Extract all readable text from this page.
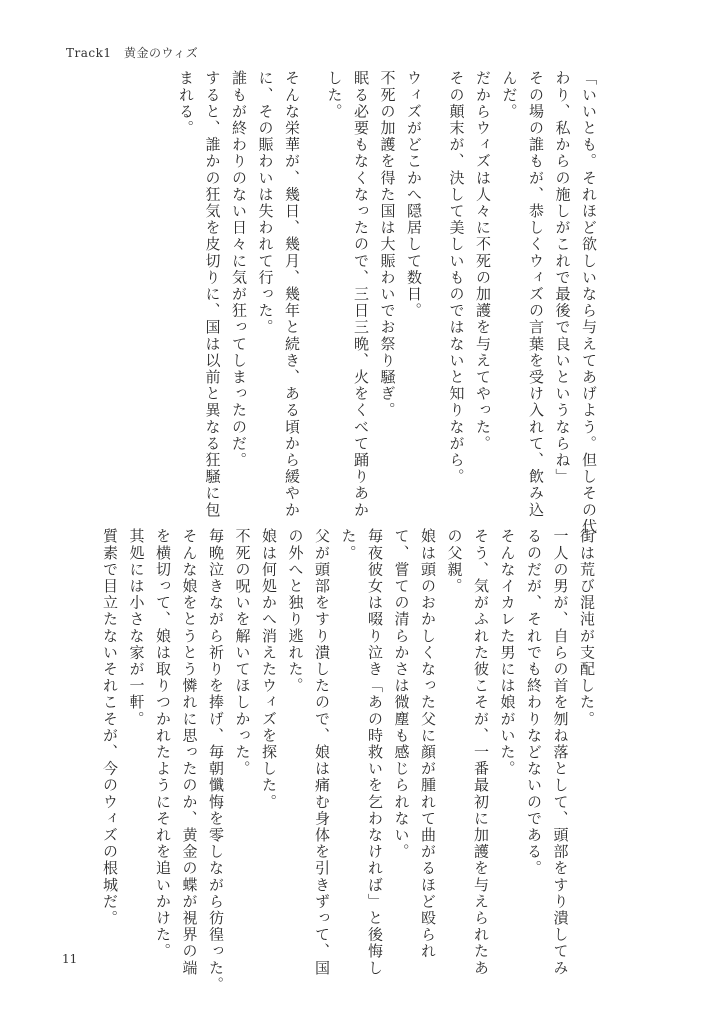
Track1　黄金のウィズ

「いいとも。それほど欲しいなら与えてあげよう。但しその代

わり、私からの施しがこれで最後で良いというならね」

その場の誰もが、恭しくウィズの言葉を受け入れて、飲み込

んだ。

だからウィズは人々に不死の加護を与えてやった。

その顛末が、決して美しいものではないと知りながら。

ウィズがどこかへ隠居して数日。

不死の加護を得た国は大賑わいでお祭り騒ぎ。

眠る必要もなくなったので、三日三晩、火をくべて踊りあか

した。

そんな栄華が、幾日、幾月、幾年と続き、ある頃から緩やか

に、その賑わいは失われて行った。

誰もが終わりのない日々に気が狂ってしまったのだ。

すると、誰かの狂気を皮切りに、国は以前と異なる狂騒に包

まれる。

街は荒び混沌が支配した。

一人の男が、自らの首を刎ね落として、頭部をすり潰してみ

るのだが、それでも終わりなどないのである。

そんなイカレた男には娘がいた。

そう、気がふれた彼こそが、一番最初に加護を与えられたあ

の父親。

娘は頭のおかしくなった父に顔が腫れて曲がるほど殴られ

て、嘗ての清らかさは微塵も感じられない。

毎夜彼女は啜り泣き「あの時救いを乞わなければ」と後悔し

た。

父が頭部をすり潰したので、娘は痛む身体を引きずって、国

の外へと独り逃れた。

娘は何処かへ消えたウィズを探した。

不死の呪いを解いてほしかった。

毎晩泣きながら祈りを捧げ、毎朝懺悔を零しながら彷徨った。

そんな娘をとうとう憐れに思ったのか、黄金の蝶が視界の端

を横切って、娘は取りつかれたようにそれを追いかけた。

其処には小さな家が一軒。

質素で目立たないそれこそが、今のウィズの根城だ。

11
